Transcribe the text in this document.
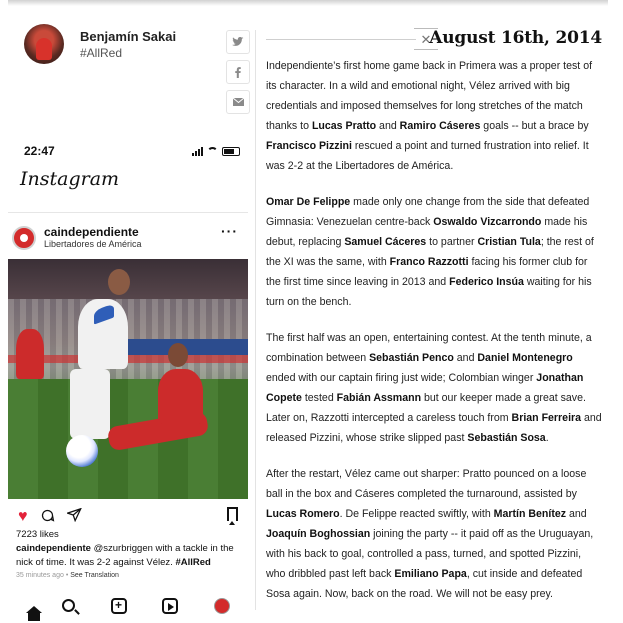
Benjamín Sakai
#AllRed
22:47
Instagram
caindependiente
Libertadores de América
···
♥
7223 likes
caindependiente @szurbriggen with a tackle in the nick of time. It was 2-2 against Vélez. #AllRed
35 minutes ago • See Translation
+
✕
August 16th, 2014
Independiente’s first home game back in Primera was a proper test of its character. In a wild and emotional night, Vélez arrived with big credentials and imposed themselves for long stretches of the match thanks to Lucas Pratto and Ramiro Cáseres goals -- but a brace by Francisco Pizzini rescued a point and turned frustration into relief. It was 2-2 at the Libertadores de América.
Omar De Felippe made only one change from the side that defeated Gimnasia: Venezuelan centre-back Oswaldo Vizcarrondo made his debut, replacing Samuel Cáceres to partner Cristian Tula; the rest of the XI was the same, with Franco Razzotti facing his former club for the first time since leaving in 2013 and Federico Insúa waiting for his turn on the bench.
The first half was an open, entertaining contest. At the tenth minute, a combination between Sebastián Penco and Daniel Montenegro ended with our captain firing just wide; Colombian winger Jonathan Copete tested Fabián Assmann but our keeper made a great save. Later on, Razzotti intercepted a careless touch from Brian Ferreira and released Pizzini, whose strike slipped past Sebastián Sosa.
After the restart, Vélez came out sharper: Pratto pounced on a loose ball in the box and Cáseres completed the turnaround, assisted by Lucas Romero. De Felippe reacted swiftly, with Martín Benítez and Joaquín Boghossian joining the party -- it paid off as the Uruguayan, with his back to goal, controlled a pass, turned, and spotted Pizzini, who dribbled past left back Emiliano Papa, cut inside and defeated Sosa again. Now, back on the road. We will not be easy prey.
